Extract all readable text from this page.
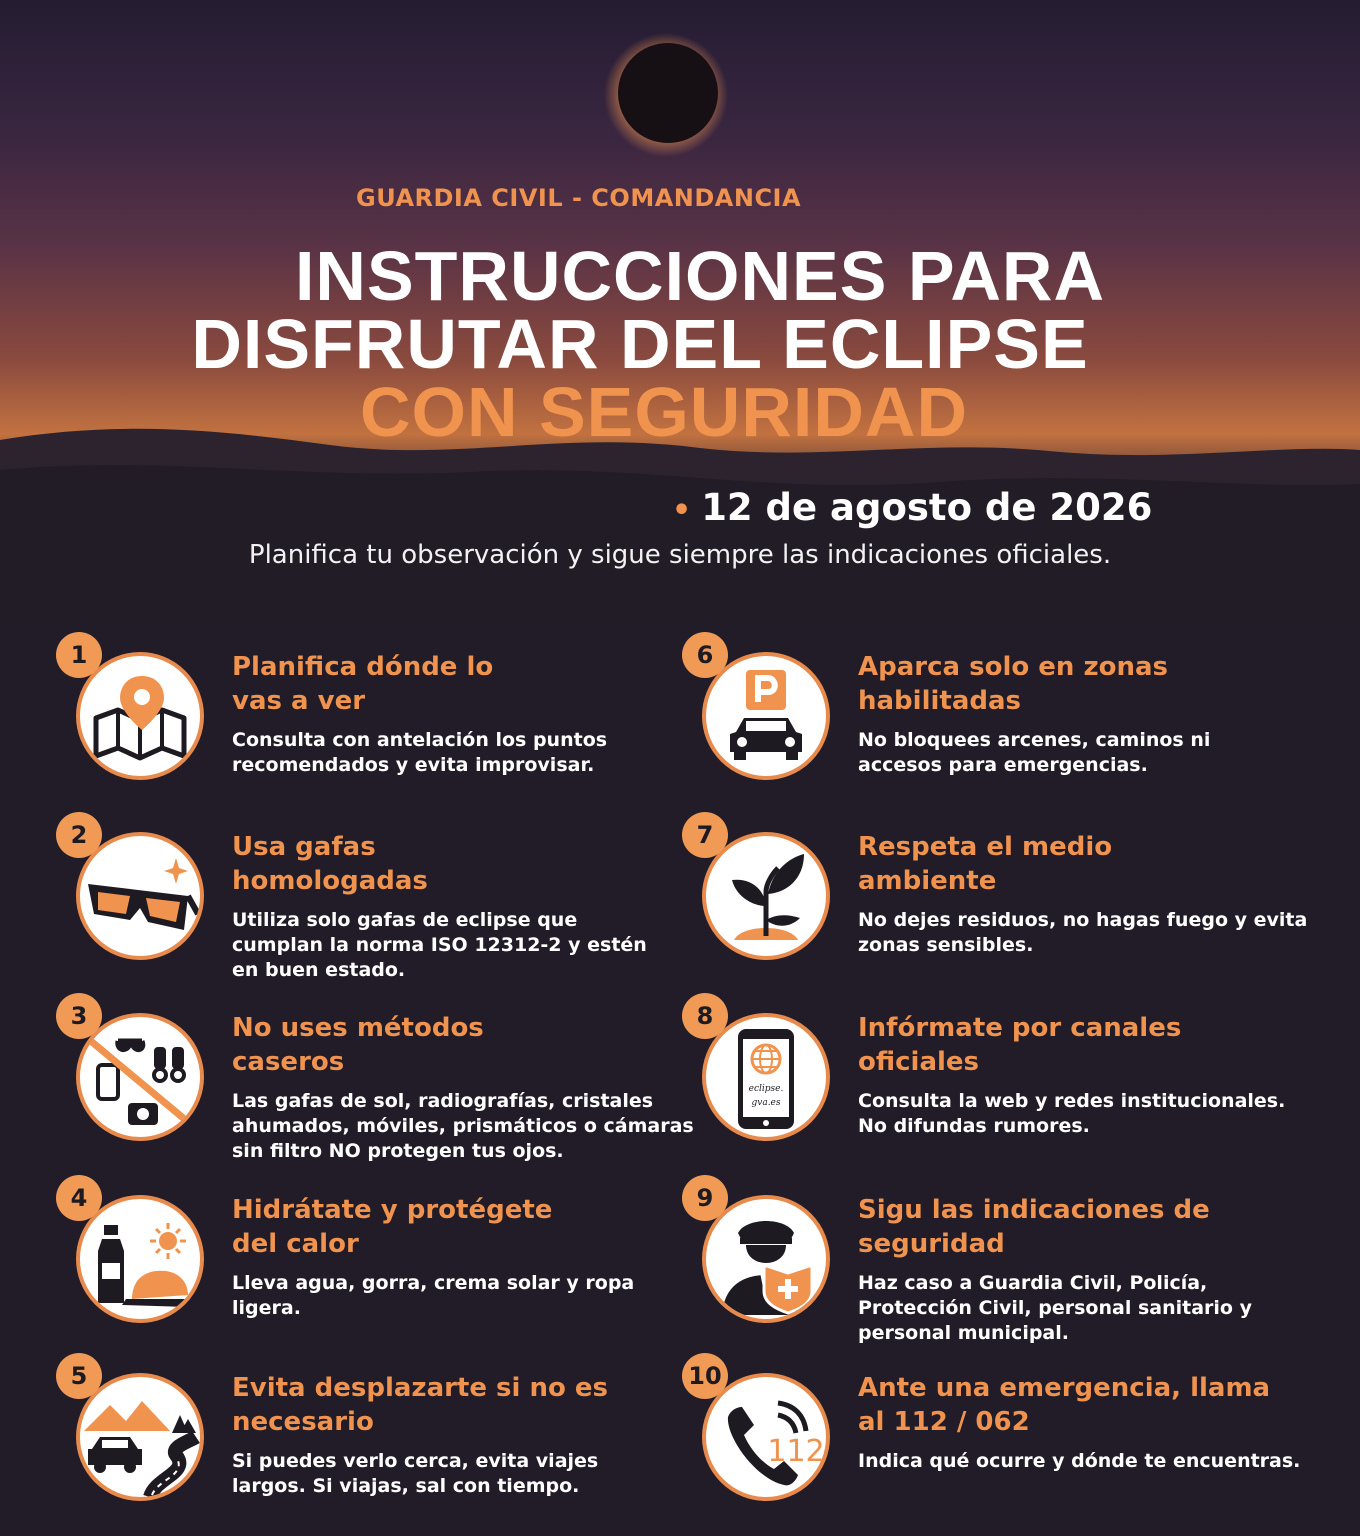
GUARDIA CIVIL - COMANDANCIA
INSTRUCCIONES PARA
DISFRUTAR DEL ECLIPSE
CON SEGURIDAD
• 12 de agosto de 2026
Planifica tu observación y sigue siempre las indicaciones oficiales.
1	Planifica dónde lo vas a ver
Consulta con antelación los puntos recomendados y evita improvisar.
2	Usa gafas homologadas
Utiliza solo gafas de eclipse que cumplan la norma ISO 12312-2 y estén en buen estado.
3	No uses métodos caseros
Las gafas de sol, radiografías, cristales ahumados, móviles, prismáticos o cámaras sin filtro NO protegen tus ojos.
4	Hidrátate y protégete del calor
Lleva agua, gorra, crema solar y ropa ligera.
5	Evita desplazarte si no es necesario
Si puedes verlo cerca, evita viajes largos. Si viajas, sal con tiempo.
6	Aparca solo en zonas habilitadas
No bloquees arcenes, caminos ni accesos para emergencias.
7	Respeta el medio ambiente
No dejes residuos, no hagas fuego y evita zonas sensibles.
8
eclipse.
gva.es
Infórmate por canales oficiales
Consulta la web y redes institucionales. No difundas rumores.
9	Sigu las indicaciones de seguridad
Haz caso a Guardia Civil, Policía, Protección Civil, personal sanitario y personal municipal.
10
112
Ante una emergencia, llama al 112 / 062
Indica qué ocurre y dónde te encuentras.
